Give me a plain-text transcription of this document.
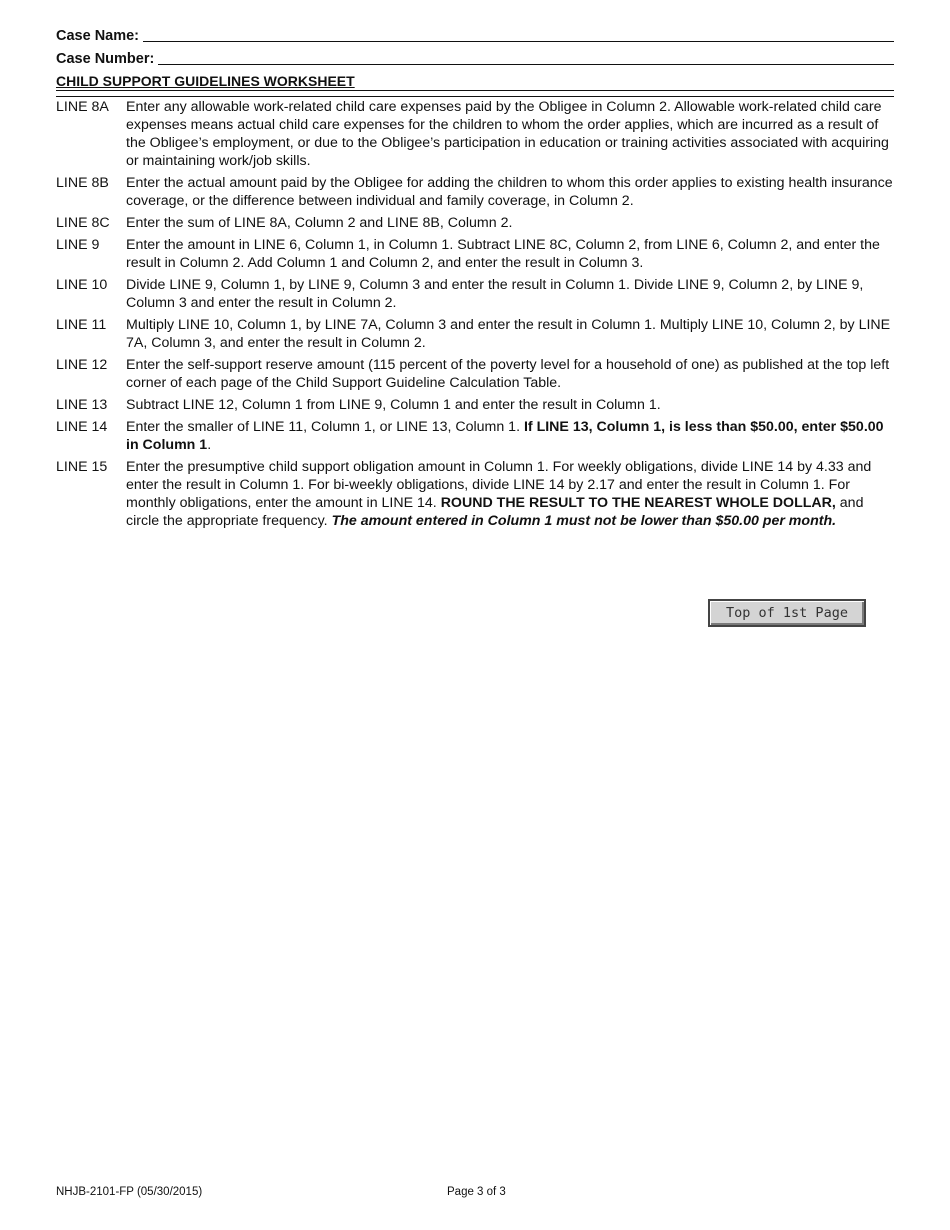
Case Name:
Case Number:
CHILD SUPPORT GUIDELINES WORKSHEET
LINE 8A	Enter any allowable work-related child care expenses paid by the Obligee in Column 2. Allowable work-related child care expenses means actual child care expenses for the children to whom the order applies, which are incurred as a result of the Obligee’s employment, or due to the Obligee’s participation in education or training activities associated with acquiring or maintaining work/job skills.
LINE 8B	Enter the actual amount paid by the Obligee for adding the children to whom this order applies to existing health insurance coverage, or the difference between individual and family coverage, in Column 2.
LINE 8C	Enter the sum of LINE 8A, Column 2 and LINE 8B, Column 2.
LINE 9	Enter the amount in LINE 6, Column 1, in Column 1. Subtract LINE 8C, Column 2, from LINE 6, Column 2, and enter the result in Column 2. Add Column 1 and Column 2, and enter the result in Column 3.
LINE 10	Divide LINE 9, Column 1, by LINE 9, Column 3 and enter the result in Column 1. Divide LINE 9, Column 2, by LINE 9, Column 3 and enter the result in Column 2.
LINE 11	Multiply LINE 10, Column 1, by LINE 7A, Column 3 and enter the result in Column 1. Multiply LINE 10, Column 2, by LINE 7A, Column 3, and enter the result in Column 2.
LINE 12	Enter the self-support reserve amount (115 percent of the poverty level for a household of one) as published at the top left corner of each page of the Child Support Guideline Calculation Table.
LINE 13	Subtract LINE 12, Column 1 from LINE 9, Column 1 and enter the result in Column 1.
LINE 14	Enter the smaller of LINE 11, Column 1, or LINE 13, Column 1. If LINE 13, Column 1, is less than $50.00, enter $50.00 in Column 1.
LINE 15	Enter the presumptive child support obligation amount in Column 1. For weekly obligations, divide LINE 14 by 4.33 and enter the result in Column 1. For bi-weekly obligations, divide LINE 14 by 2.17 and enter the result in Column 1. For monthly obligations, enter the amount in LINE 14. ROUND THE RESULT TO THE NEAREST WHOLE DOLLAR, and circle the appropriate frequency. The amount entered in Column 1 must not be lower than $50.00 per month.
Top of 1st Page
NHJB-2101-FP (05/30/2015)	Page 3 of 3
